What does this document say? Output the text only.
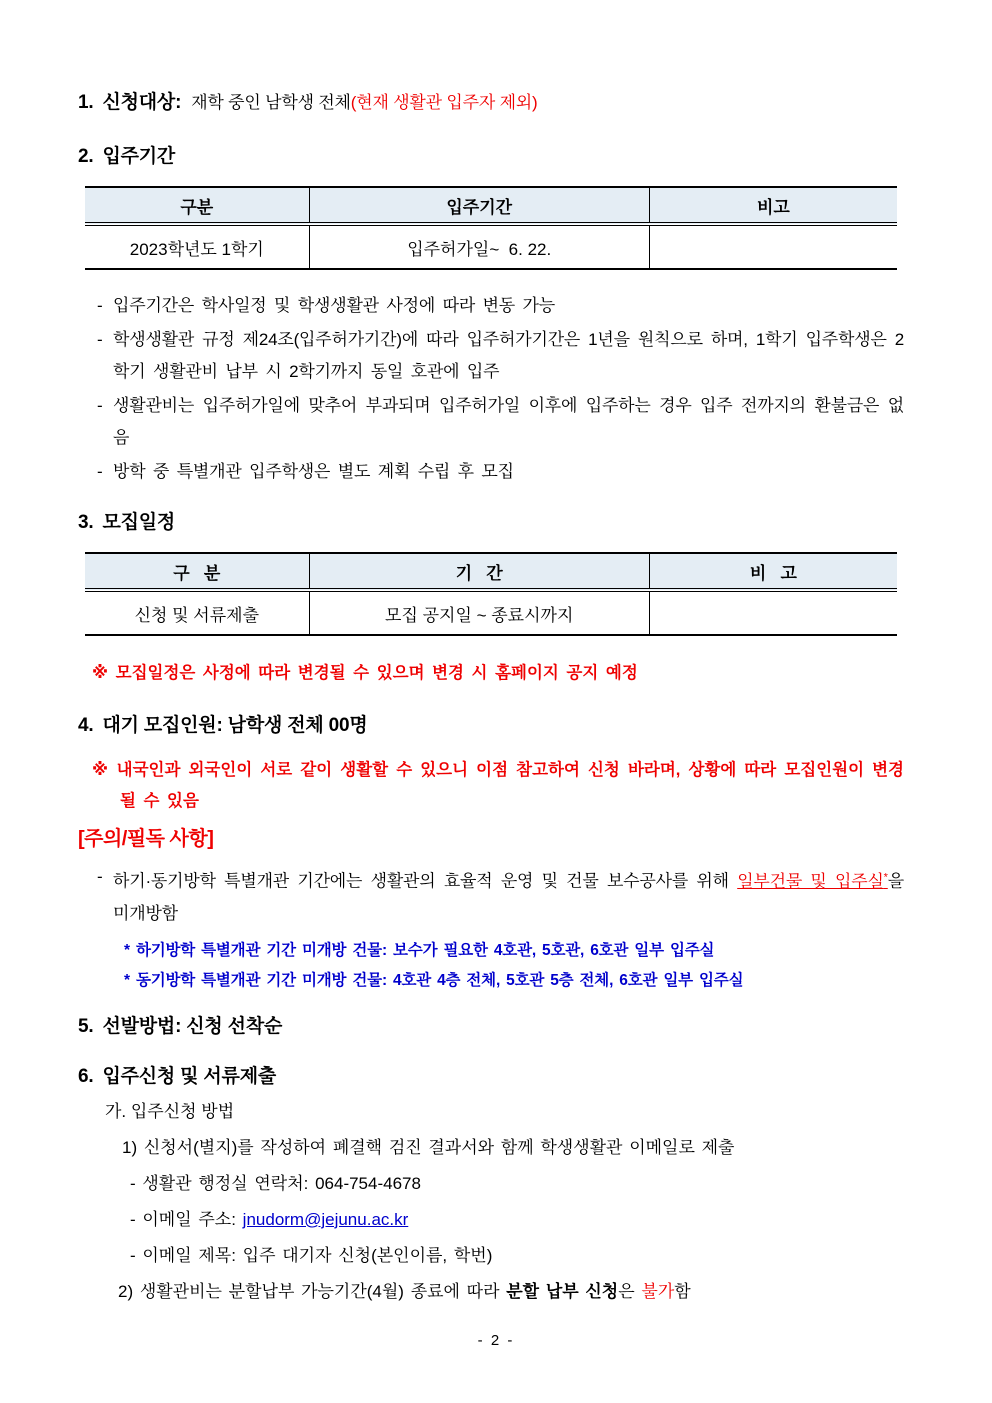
1. 신청대상: 재학 중인 남학생 전체(현재 생활관 입주자 제외)
2. 입주기간
구분	입주기간	비고
2023학년도 1학기	입주허가일~  6. 22.	
- 입주기간은 학사일정 및 학생생활관 사정에 따라 변동 가능
- 학생생활관 규정 제24조(입주허가기간)에 따라 입주허가기간은 1년을 원칙으로 하며, 1학기 입주학생은 2학기 생활관비 납부 시 2학기까지 동일 호관에 입주
- 생활관비는 입주허가일에 맞추어 부과되며 입주허가일 이후에 입주하는 경우 입주 전까지의 환불금은 없음
- 방학 중 특별개관 입주학생은 별도 계획 수립 후 모집
3. 모집일정
구   분	기   간	비   고
신청 및 서류제출	모집 공지일 ~ 종료시까지	
※ 모집일정은 사정에 따라 변경될 수 있으며 변경 시 홈페이지 공지 예정
4. 대기 모집인원: 남학생 전체 00명
※ 내국인과 외국인이 서로 같이 생활할 수 있으니 이점 참고하여 신청 바라며, 상황에 따라 모집인원이 변경 될 수 있음
[주의/필독 사항]
- 하기·동기방학 특별개관 기간에는 생활관의 효율적 운영 및 건물 보수공사를 위해 일부건물 및 입주실*을 미개방함
* 하기방학 특별개관 기간 미개방 건물: 보수가 필요한 4호관, 5호관, 6호관 일부 입주실
* 동기방학 특별개관 기간 미개방 건물: 4호관 4층 전체, 5호관 5층 전체, 6호관 일부 입주실
5. 선발방법: 신청 선착순
6. 입주신청 및 서류제출
가. 입주신청 방법
1) 신청서(별지)를 작성하여 폐결핵 검진 결과서와 함께 학생생활관 이메일로 제출
- 생활관 행정실 연락처: 064-754-4678
- 이메일 주소: jnudorm@jejunu.ac.kr
- 이메일 제목: 입주 대기자 신청(본인이름, 학번)
2) 생활관비는 분할납부 가능기간(4월) 종료에 따라 분할 납부 신청은 불가함
- 2 -
